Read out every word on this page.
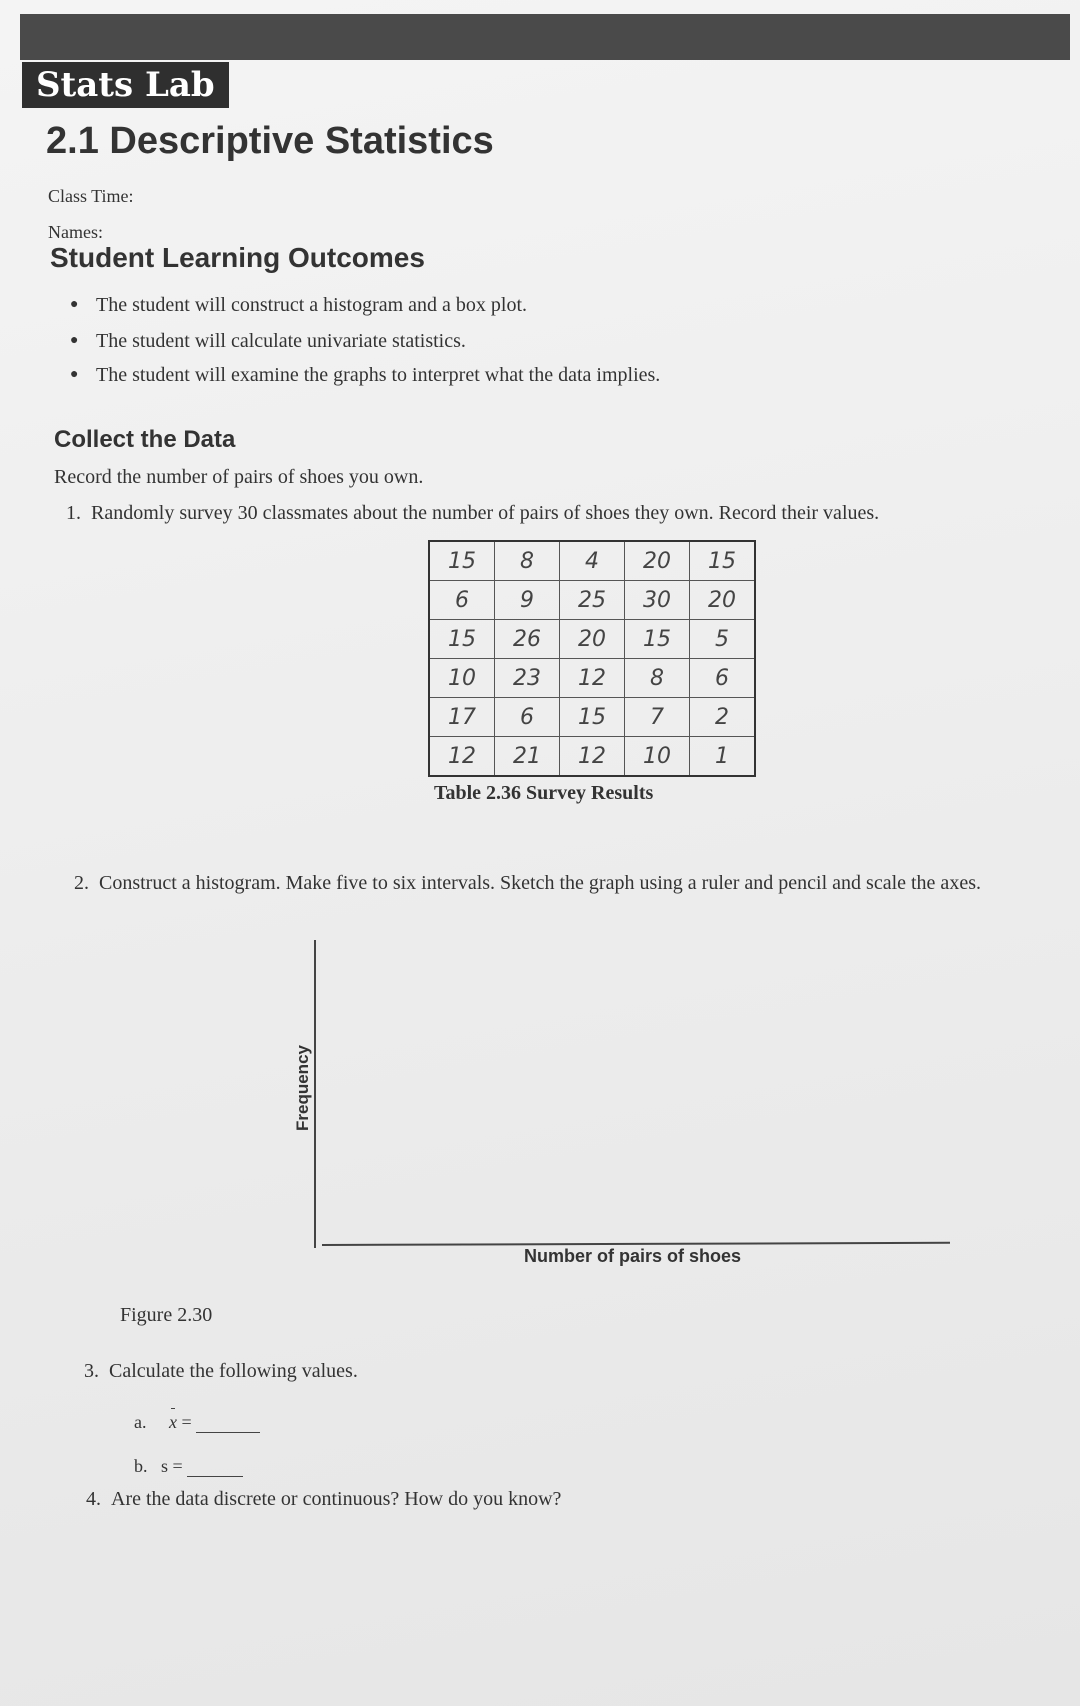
Stats Lab
2.1 Descriptive Statistics
Class Time:
Names:
Student Learning Outcomes
● The student will construct a histogram and a box plot.
● The student will calculate univariate statistics.
● The student will examine the graphs to interpret what the data implies.
Collect the Data
Record the number of pairs of shoes you own.
1. Randomly survey 30 classmates about the number of pairs of shoes they own. Record their values.
15	8	4	20	15
6	9	25	30	20
15	26	20	15	5
10	23	12	8	6
17	6	15	7	2
12	21	12	10	1
Table 2.36 Survey Results
2. Construct a histogram. Make five to six intervals. Sketch the graph using a ruler and pencil and scale the axes.
Frequency
Number of pairs of shoes
Figure 2.30
3. Calculate the following values.
a. x =
b. s =
4. Are the data discrete or continuous? How do you know?
